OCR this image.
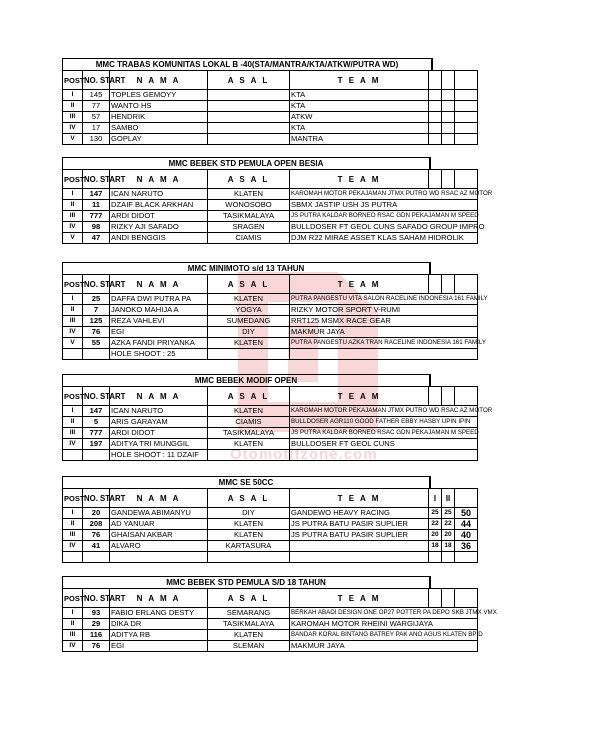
Otomotifzone.com
MMC TRABAS KOMUNITAS LOKAL B -40(STA/MANTRA/KTA/ATKW/PUTRA WD)
POST	NO. START	N A M A	A S A L	T E A M				
I	145	TOPLES GEMOYY		KTA				
II	77	WANTO HS		KTA				
III	57	HENDRIK		ATKW				
IV	17	SAMBO		KTA				
V	130	GOPLAY		MANTRA				
MMC BEBEK STD PEMULA OPEN BESIA
POST	NO. START	N A M A	A S A L	T E A M				
I	147	ICAN NARUTO	KLATEN	KAROMAH MOTOR PEKAJAMAN JTMX PUTRO WD RSAC AZ MOTOR				
II	11	DZAIF BLACK ARKHAN	WONOSOBO	SBMX JASTIP USH JS PUTRA				
III	777	ARDI DIDOT	TASIKMALAYA	JS PUTRA KALDAR BORNEO RSAC GDN PEKAJAMAN M SPEED				
IV	98	RIZKY AJI SAFADO	SRAGEN	BULLDOSER FT GEOL CUNS SAFADO GROUP IMPRO				
V	47	ANDI BENGGIS	CIAMIS	DJM R22 MIRAE ASSET KLAS SAHAM HIDROLIK				
MMC MINIMOTO s/d 13 TAHUN
POST	NO. START	N A M A	A S A L	T E A M				
I	25	DAFFA DWI PUTRA PA	KLATEN	PUTRA PANGESTU VITA SALON RACELINE INDONESIA 161 FAMILY				
II	7	JANOKO MAHIJA A	YOGYA	RIZKY MOTOR SPORT V-RUMI				
III	125	REZA VAHLEVI	SUMEDANG	RRT125 MSMX RACE GEAR				
IV	76	EGI	DIY	MAKMUR JAYA				
V	55	AZKA FANDI PRIYANKA	KLATEN	PUTRA PANGESTU AZKA TRAN RACELINE INDONESIA 161 FAMILY				
		HOLE SHOOT : 25						
MMC BEBEK MODIF OPEN
POST	NO. START	N A M A	A S A L	T E A M				
I	147	ICAN NARUTO	KLATEN	KAROMAH MOTOR PEKAJAMAN JTMX PUTRO WD RSAC AZ MOTOR				
II	5	ARIS GARAYAM	CIAMIS	BULLDOSER AGR110 GOOD FATHER EBBY HASBY UPIN IPIN				
III	777	ARDI DIDOT	TASIKMALAYA	JS PUTRA KALDAR BORNEO RSAC GDN PEKAJAMAN M SPEED				
IV	197	ADITYA TRI MUNGGIL	KLATEN	BULLDOSER FT GEOL CUNS				
		HOLE SHOOT : 11 DZAIF						
MMC SE 50CC
POST	NO. START	N A M A	A S A L	T E A M	I	II		
I	20	GANDEWA ABIMANYU	DIY	GANDEWO HEAVY RACING	25	25	50	
II	208	AD YANUAR	KLATEN	JS PUTRA BATU PASIR SUPLIER	22	22	44	
III	76	GHAISAN AKBAR	KLATEN	JS PUTRA BATU PASIR SUPLIER	20	20	40	
IV	41	ALVARO	KARTASURA		18	18	36	

MMC BEBEK STD PEMULA S/D 18 TAHUN
POST	NO. START	N A M A	A S A L	T E A M				
I	93	FABIO ERLANG DESTY	SEMARANG	BERKAH ABADI DESIGN ONE OP27 POTTER PA DEPO SKB JTMX VMX				
II	29	DIKA DR	TASIKMALAYA	KAROMAH MOTOR RHEINI WARGIJAYA				
III	116	ADITYA RB	KLATEN	BANDAR KORAL BINTANG BATREY PAK ANO AGUS KLATEN BPID				
IV	76	EGI	SLEMAN	MAKMUR JAYA				
